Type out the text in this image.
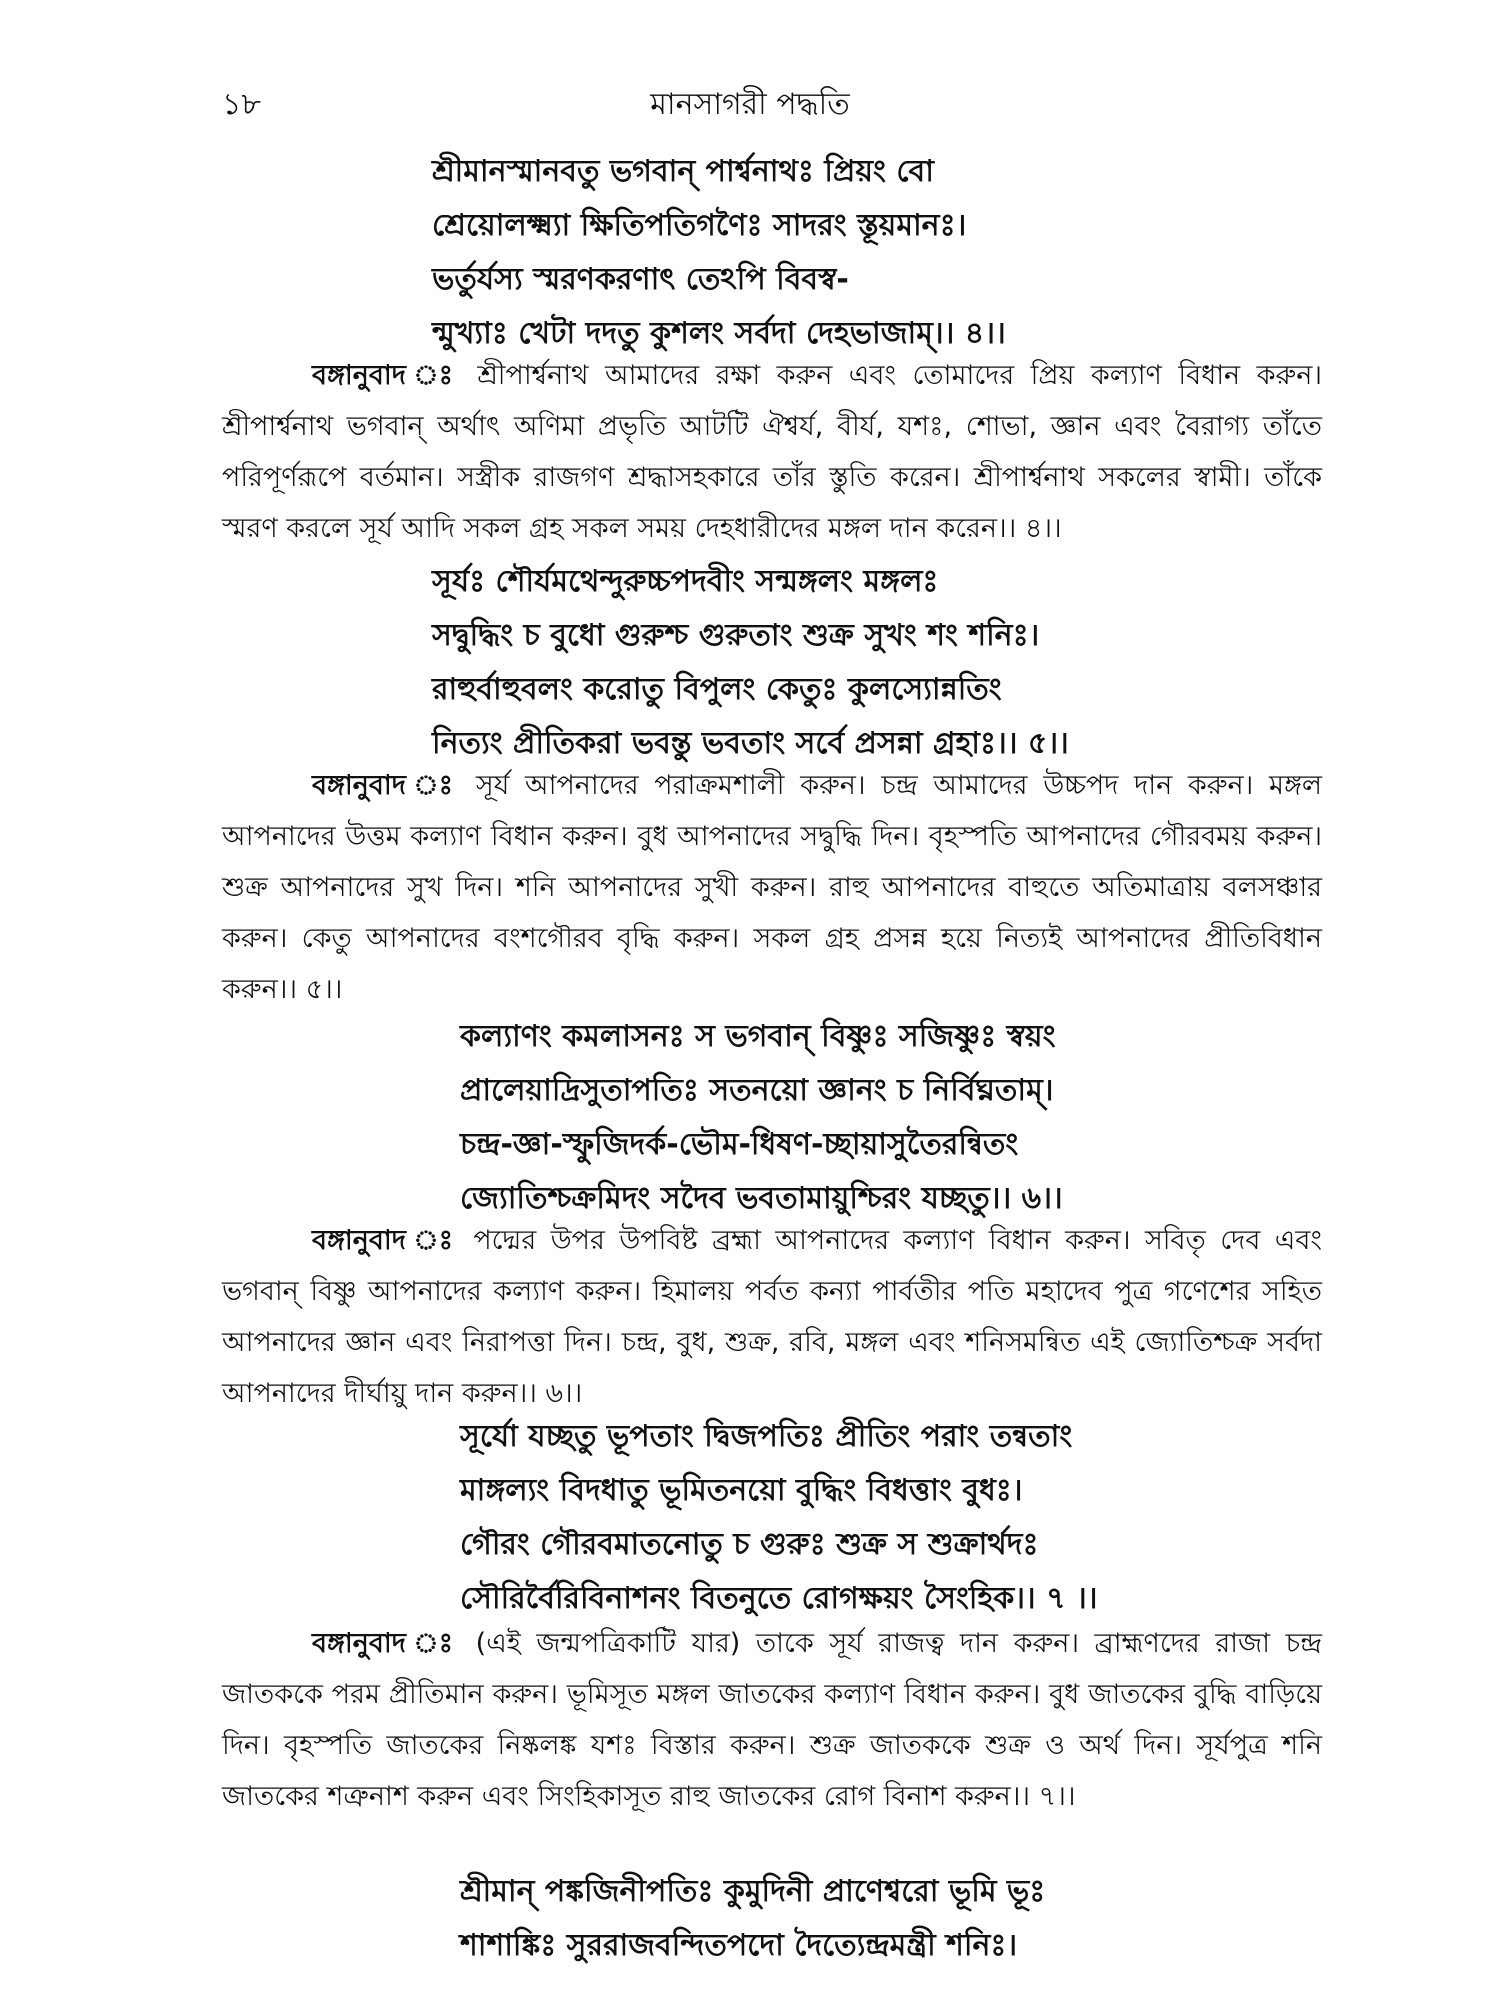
১৮	মানসাগরী পদ্ধতি
শ্রীমানস্মানবতু ভগবান্ পার্শ্বনাথঃ প্রিয়ং বো
শ্রেয়োলক্ষ্ম্যা ক্ষিতিপতিগণৈঃ সাদরং স্তূয়মানঃ।
ভর্তুর্যস্য স্মরণকরণাৎ তেঽপি বিবস্ব-
ন্মুখ্যাঃ খেটা দদতু কুশলং সর্বদা দেহভাজাম্।। ৪।।
বঙ্গানুবাদ ঃ শ্রীপার্শ্বনাথ আমাদের রক্ষা করুন এবং তোমাদের প্রিয় কল্যাণ বিধান করুন। শ্রীপার্শ্বনাথ ভগবান্ অর্থাৎ অণিমা প্রভৃতি আটটি ঐশ্বর্য, বীর্য, যশঃ, শোভা, জ্ঞান এবং বৈরাগ্য তাঁতে পরিপূর্ণরূপে বর্তমান। সস্ত্রীক রাজগণ শ্রদ্ধাসহকারে তাঁর স্তুতি করেন। শ্রীপার্শ্বনাথ সকলের স্বামী। তাঁকে স্মরণ করলে সূর্য আদি সকল গ্রহ সকল সময় দেহধারীদের মঙ্গল দান করেন।। ৪।।
সূর্যঃ শৌর্যমথেন্দুরুচ্চপদবীং সন্মঙ্গলং মঙ্গলঃ
সদ্বুদ্ধিং চ বুধো গুরুশ্চ গুরুতাং শুক্র সুখং শং শনিঃ।
রাহুর্বাহুবলং করোতু বিপুলং কেতুঃ কুলস্যোন্নতিং
নিত্যং প্রীতিকরা ভবন্তু ভবতাং সর্বে প্রসন্না গ্রহাঃ।। ৫।।
বঙ্গানুবাদ ঃ সূর্য আপনাদের পরাক্রমশালী করুন। চন্দ্র আমাদের উচ্চপদ দান করুন। মঙ্গল আপনাদের উত্তম কল্যাণ বিধান করুন। বুধ আপনাদের সদ্বুদ্ধি দিন। বৃহস্পতি আপনাদের গৌরবময় করুন। শুক্র আপনাদের সুখ দিন। শনি আপনাদের সুখী করুন। রাহু আপনাদের বাহুতে অতিমাত্রায় বলসঞ্চার করুন। কেতু আপনাদের বংশগৌরব বৃদ্ধি করুন। সকল গ্রহ প্রসন্ন হয়ে নিত্যই আপনাদের প্রীতিবিধান করুন।। ৫।।
কল্যাণং কমলাসনঃ স ভগবান্ বিষ্ণুঃ সজিষ্ণুঃ স্বয়ং
প্রালেয়াদ্রিসুতাপতিঃ সতনয়ো জ্ঞানং চ নির্বিঘ্নতাম্।
চন্দ্র-জ্ঞা-স্ফুজিদর্ক-ভৌম-ধিষণ-চ্ছায়াসুতৈরন্বিতং
জ্যোতিশ্চক্রমিদং সদৈব ভবতামায়ুশ্চিরং যচ্ছতু।। ৬।।
বঙ্গানুবাদ ঃ পদ্মের উপর উপবিষ্ট ব্রহ্মা আপনাদের কল্যাণ বিধান করুন। সবিতৃ দেব এবং ভগবান্ বিষ্ণু আপনাদের কল্যাণ করুন। হিমালয় পর্বত কন্যা পার্বতীর পতি মহাদেব পুত্র গণেশের সহিত আপনাদের জ্ঞান এবং নিরাপত্তা দিন। চন্দ্র, বুধ, শুক্র, রবি, মঙ্গল এবং শনিসমন্বিত এই জ্যোতিশ্চক্র সর্বদা আপনাদের দীর্ঘায়ু দান করুন।। ৬।।
সূর্যো যচ্ছতু ভূপতাং দ্বিজপতিঃ প্রীতিং পরাং তন্বতাং
মাঙ্গল্যং বিদধাতু ভূমিতনয়ো বুদ্ধিং বিধত্তাং বুধঃ।
গৌরং গৌরবমাতনোতু চ গুরুঃ শুক্র স শুক্রার্থদঃ
সৌরির্বৈরিবিনাশনং বিতনুতে রোগক্ষয়ং সৈংহিক।। ৭ ।।
বঙ্গানুবাদ ঃ (এই জন্মপত্রিকাটি যার) তাকে সূর্য রাজত্ব দান করুন। ব্রাহ্মণদের রাজা চন্দ্র জাতককে পরম প্রীতিমান করুন। ভূমিসূত মঙ্গল জাতকের কল্যাণ বিধান করুন। বুধ জাতকের বুদ্ধি বাড়িয়ে দিন। বৃহস্পতি জাতকের নিষ্কলঙ্ক যশঃ বিস্তার করুন। শুক্র জাতককে শুক্র ও অর্থ দিন। সূর্যপুত্র শনি জাতকের শত্রুনাশ করুন এবং সিংহিকাসূত রাহু জাতকের রোগ বিনাশ করুন।। ৭।।
শ্রীমান্ পঙ্কজিনীপতিঃ কুমুদিনী প্রাণেশ্বরো ভূমি ভূঃ
শাশাঙ্কিঃ সুররাজবন্দিতপদো দৈত্যেন্দ্রমন্ত্রী শনিঃ।
